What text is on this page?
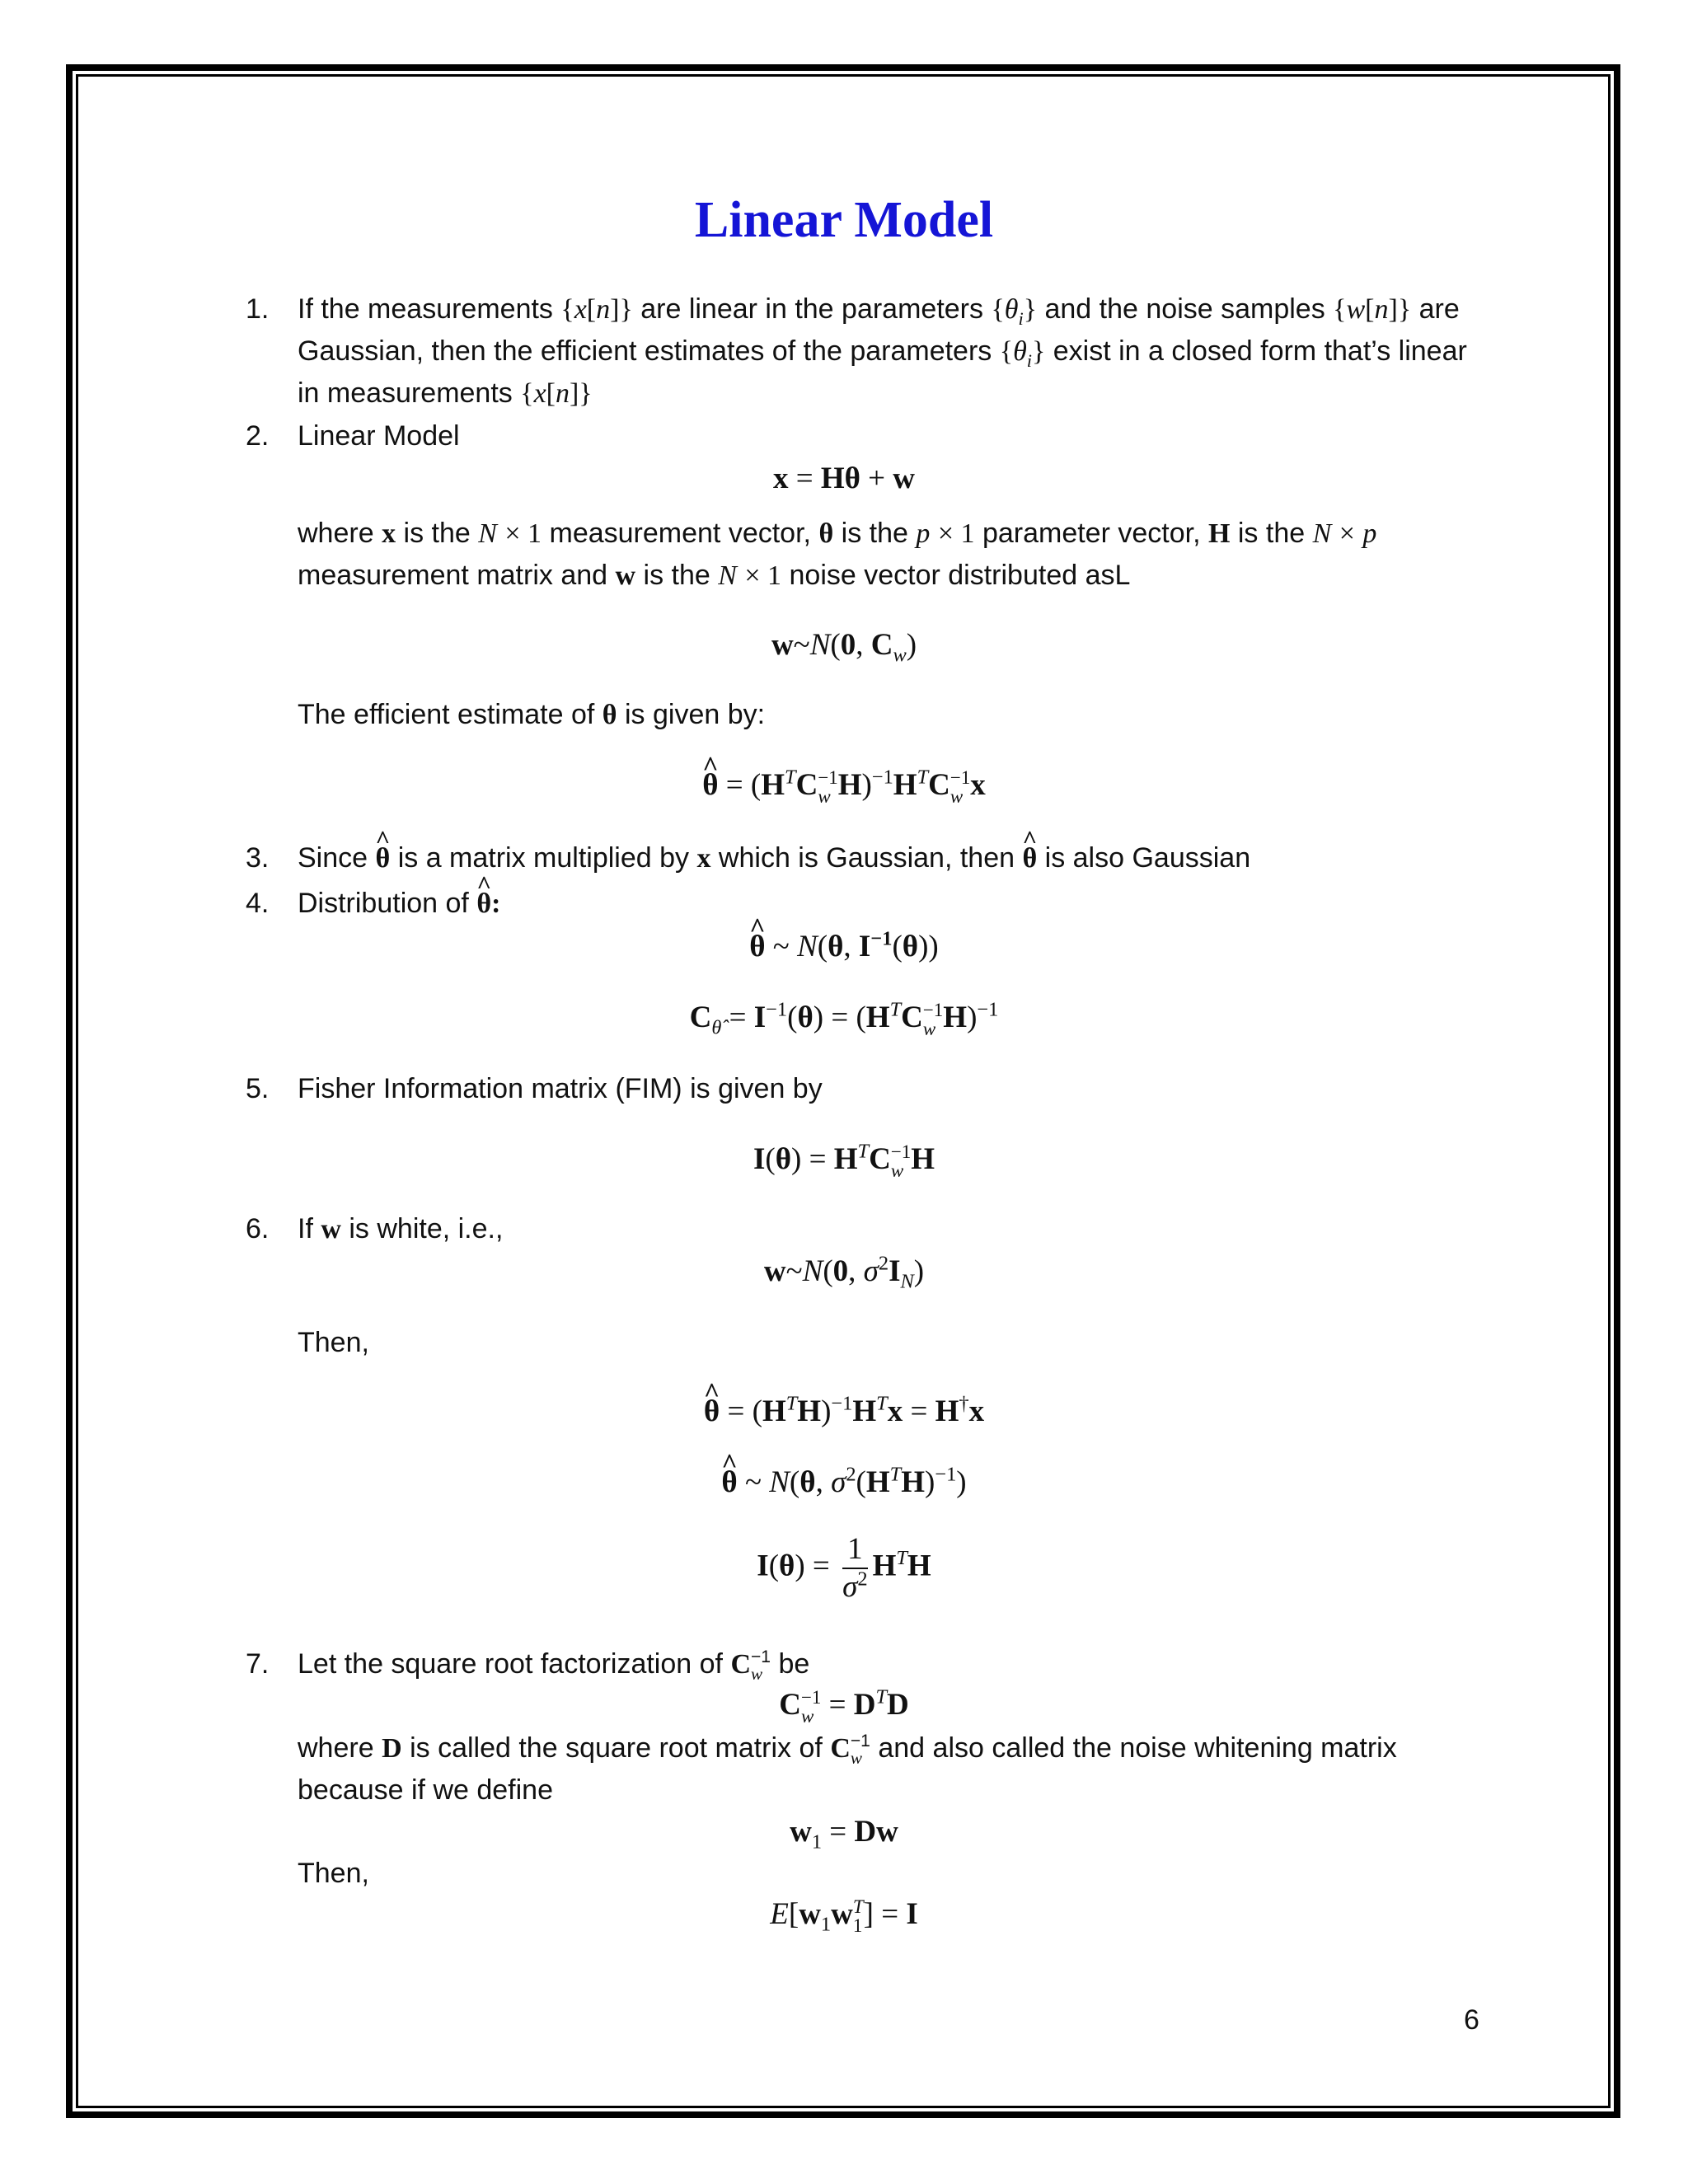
Linear Model
1.	If the measurements {x[n]} are linear in the parameters $\{\theta_i\}$ and the noise samples {w[n]} are Gaussian, then the efficient estimates of the parameters $\{\theta_i\}$ exist in a closed form that’s linear in measurements {x[n]}
2.	Linear Model
x = Hθ + w
where x is the N × 1 measurement vector, θ is the p × 1 parameter vector, H is the N × p measurement matrix and w is the N × 1 noise vector distributed asL
w~N(0, $C_w$)
The efficient estimate of θ is given by:
^ $\theta = (H^TC -1$
w $H)^{-1}H^TC -1$
w x
3.	Since ^ θ is a matrix multiplied by x which is Gaussian, then ^ θ is also Gaussian
4.	Distribution of ^ θ:
^ θ ~ N(θ, $I^{-1}(\theta)$)
$C_{\thetâ} = I^{-1}(\theta) = (H^TC -1$
w H)$^{-1}$
5.	Fisher Information matrix (FIM) is given by
$I(\theta) = H^TC -1$
w H
6.	If w is white, i.e.,
w~N(0, $\sigma^2I_N$)
Then,
^ $\theta = (H^TH)^{-1}H^Tx = H^\dagger x$
^ θ ~ N(θ, $\sigma^2(H^TH)^{-1}$)
$I(\theta) = \frac{1}{\sigma^2} H^TH$
7.	Let the square root factorization of C −1
w be
C −1
$w = D^TD$
where D is called the square root matrix of C −1
w and also called the noise whitening matrix because if we define
$w_1 = Dw$
Then,
$E[w_1w$ T
1 ] = I
6
